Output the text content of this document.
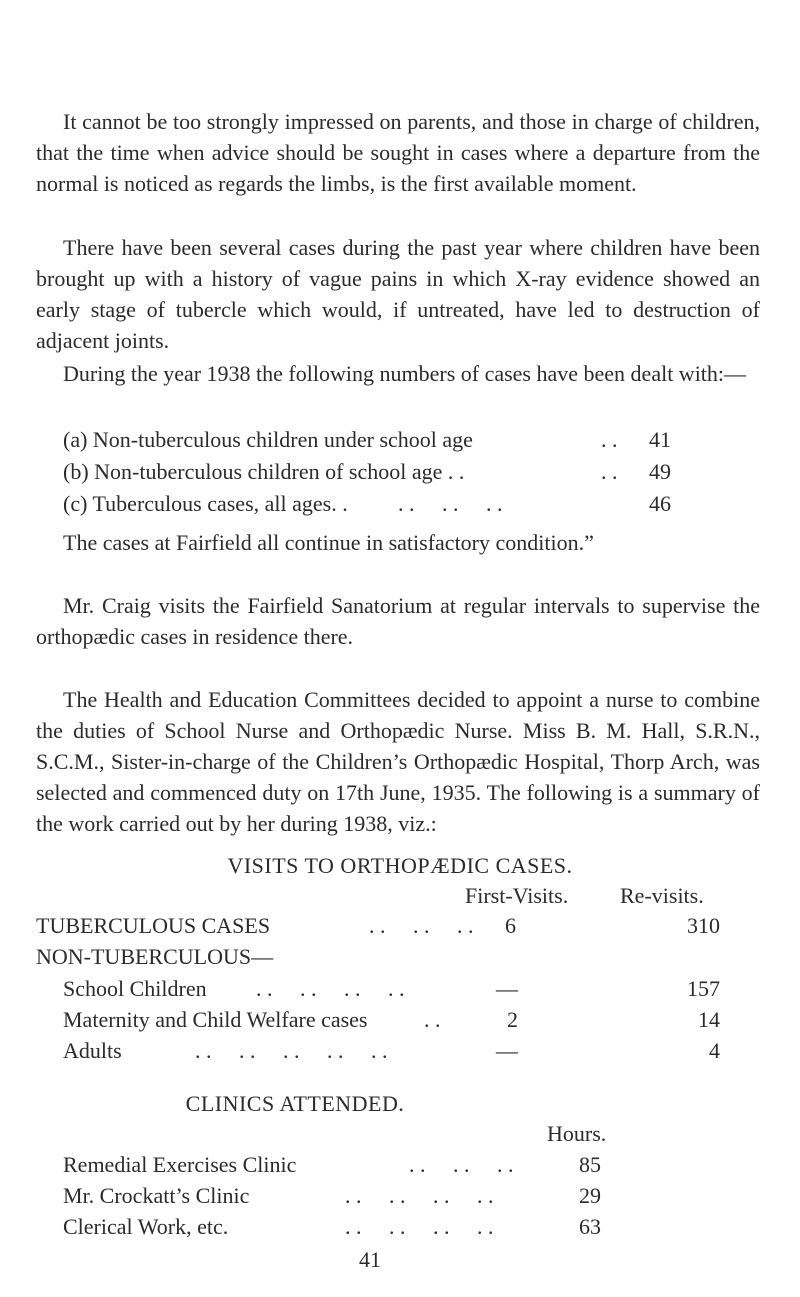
It cannot be too strongly impressed on parents, and those in charge of children, that the time when advice should be sought in cases where a departure from the normal is noticed as regards the limbs, is the first available moment.

There have been several cases during the past year where children have been brought up with a history of vague pains in which X-ray evidence showed an early stage of tubercle which would, if untreated, have led to destruction of adjacent joints.

During the year 1938 the following numbers of cases have been dealt with:—

(a) Non-tuberculous children under school age	. .	41
(b) Non-tuberculous children of school age . .	. .	49
(c) Tuberculous cases, all ages. . . .     . .     . .	46

The cases at Fairfield all continue in satisfactory condition.”

Mr. Craig visits the Fairfield Sanatorium at regular intervals to supervise the orthopædic cases in residence there.

The Health and Education Committees decided to appoint a nurse to combine the duties of School Nurse and Orthopædic Nurse. Miss B. M. Hall, S.R.N., S.C.M., Sister-in-charge of the Children’s Orthopædic Hospital, Thorp Arch, was selected and commenced duty on 17th June, 1935. The following is a summary of the work carried out by her during 1938, viz.:

VISITS TO ORTHOPÆDIC CASES.
First-Visits. Re-visits.
TUBERCULOUS CASES	. .     . .     . .	6	310
NON-TUBERCULOUS—
School Children . .     . .     . .     . .	—	157
Maternity and Child Welfare cases	. .	2	14
Adults	. .     . .     . .     . .     . .	—	4
CLINICS ATTENDED.
Hours.
Remedial Exercises Clinic	. .     . .     . .	85
Mr. Crockatt’s Clinic	. .     . .     . .     . .	29
Clerical Work, etc.	. .     . .     . .     . .	63
41
